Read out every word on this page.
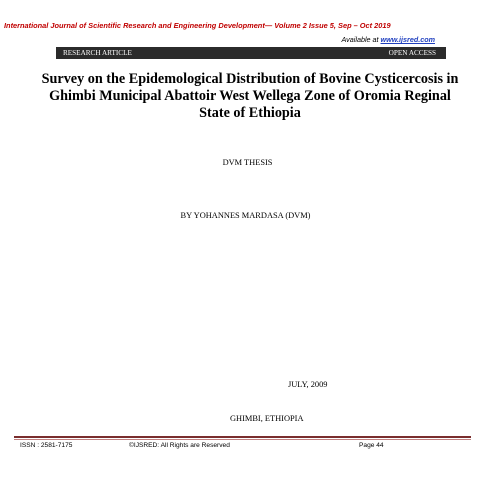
International Journal of Scientific Research and Engineering Development— Volume 2 Issue 5, Sep – Oct 2019
Available at www.ijsred.com
RESEARCH ARTICLE	OPEN ACCESS
Survey on the Epidemological Distribution of Bovine Cysticercosis in Ghimbi Municipal Abattoir West Wellega Zone of Oromia Reginal State of Ethiopia
DVM THESIS
BY YOHANNES MARDASA (DVM)
JULY, 2009
GHIMBI, ETHIOPIA
ISSN : 2581-7175	©IJSRED: All Rights are Reserved	Page 44
